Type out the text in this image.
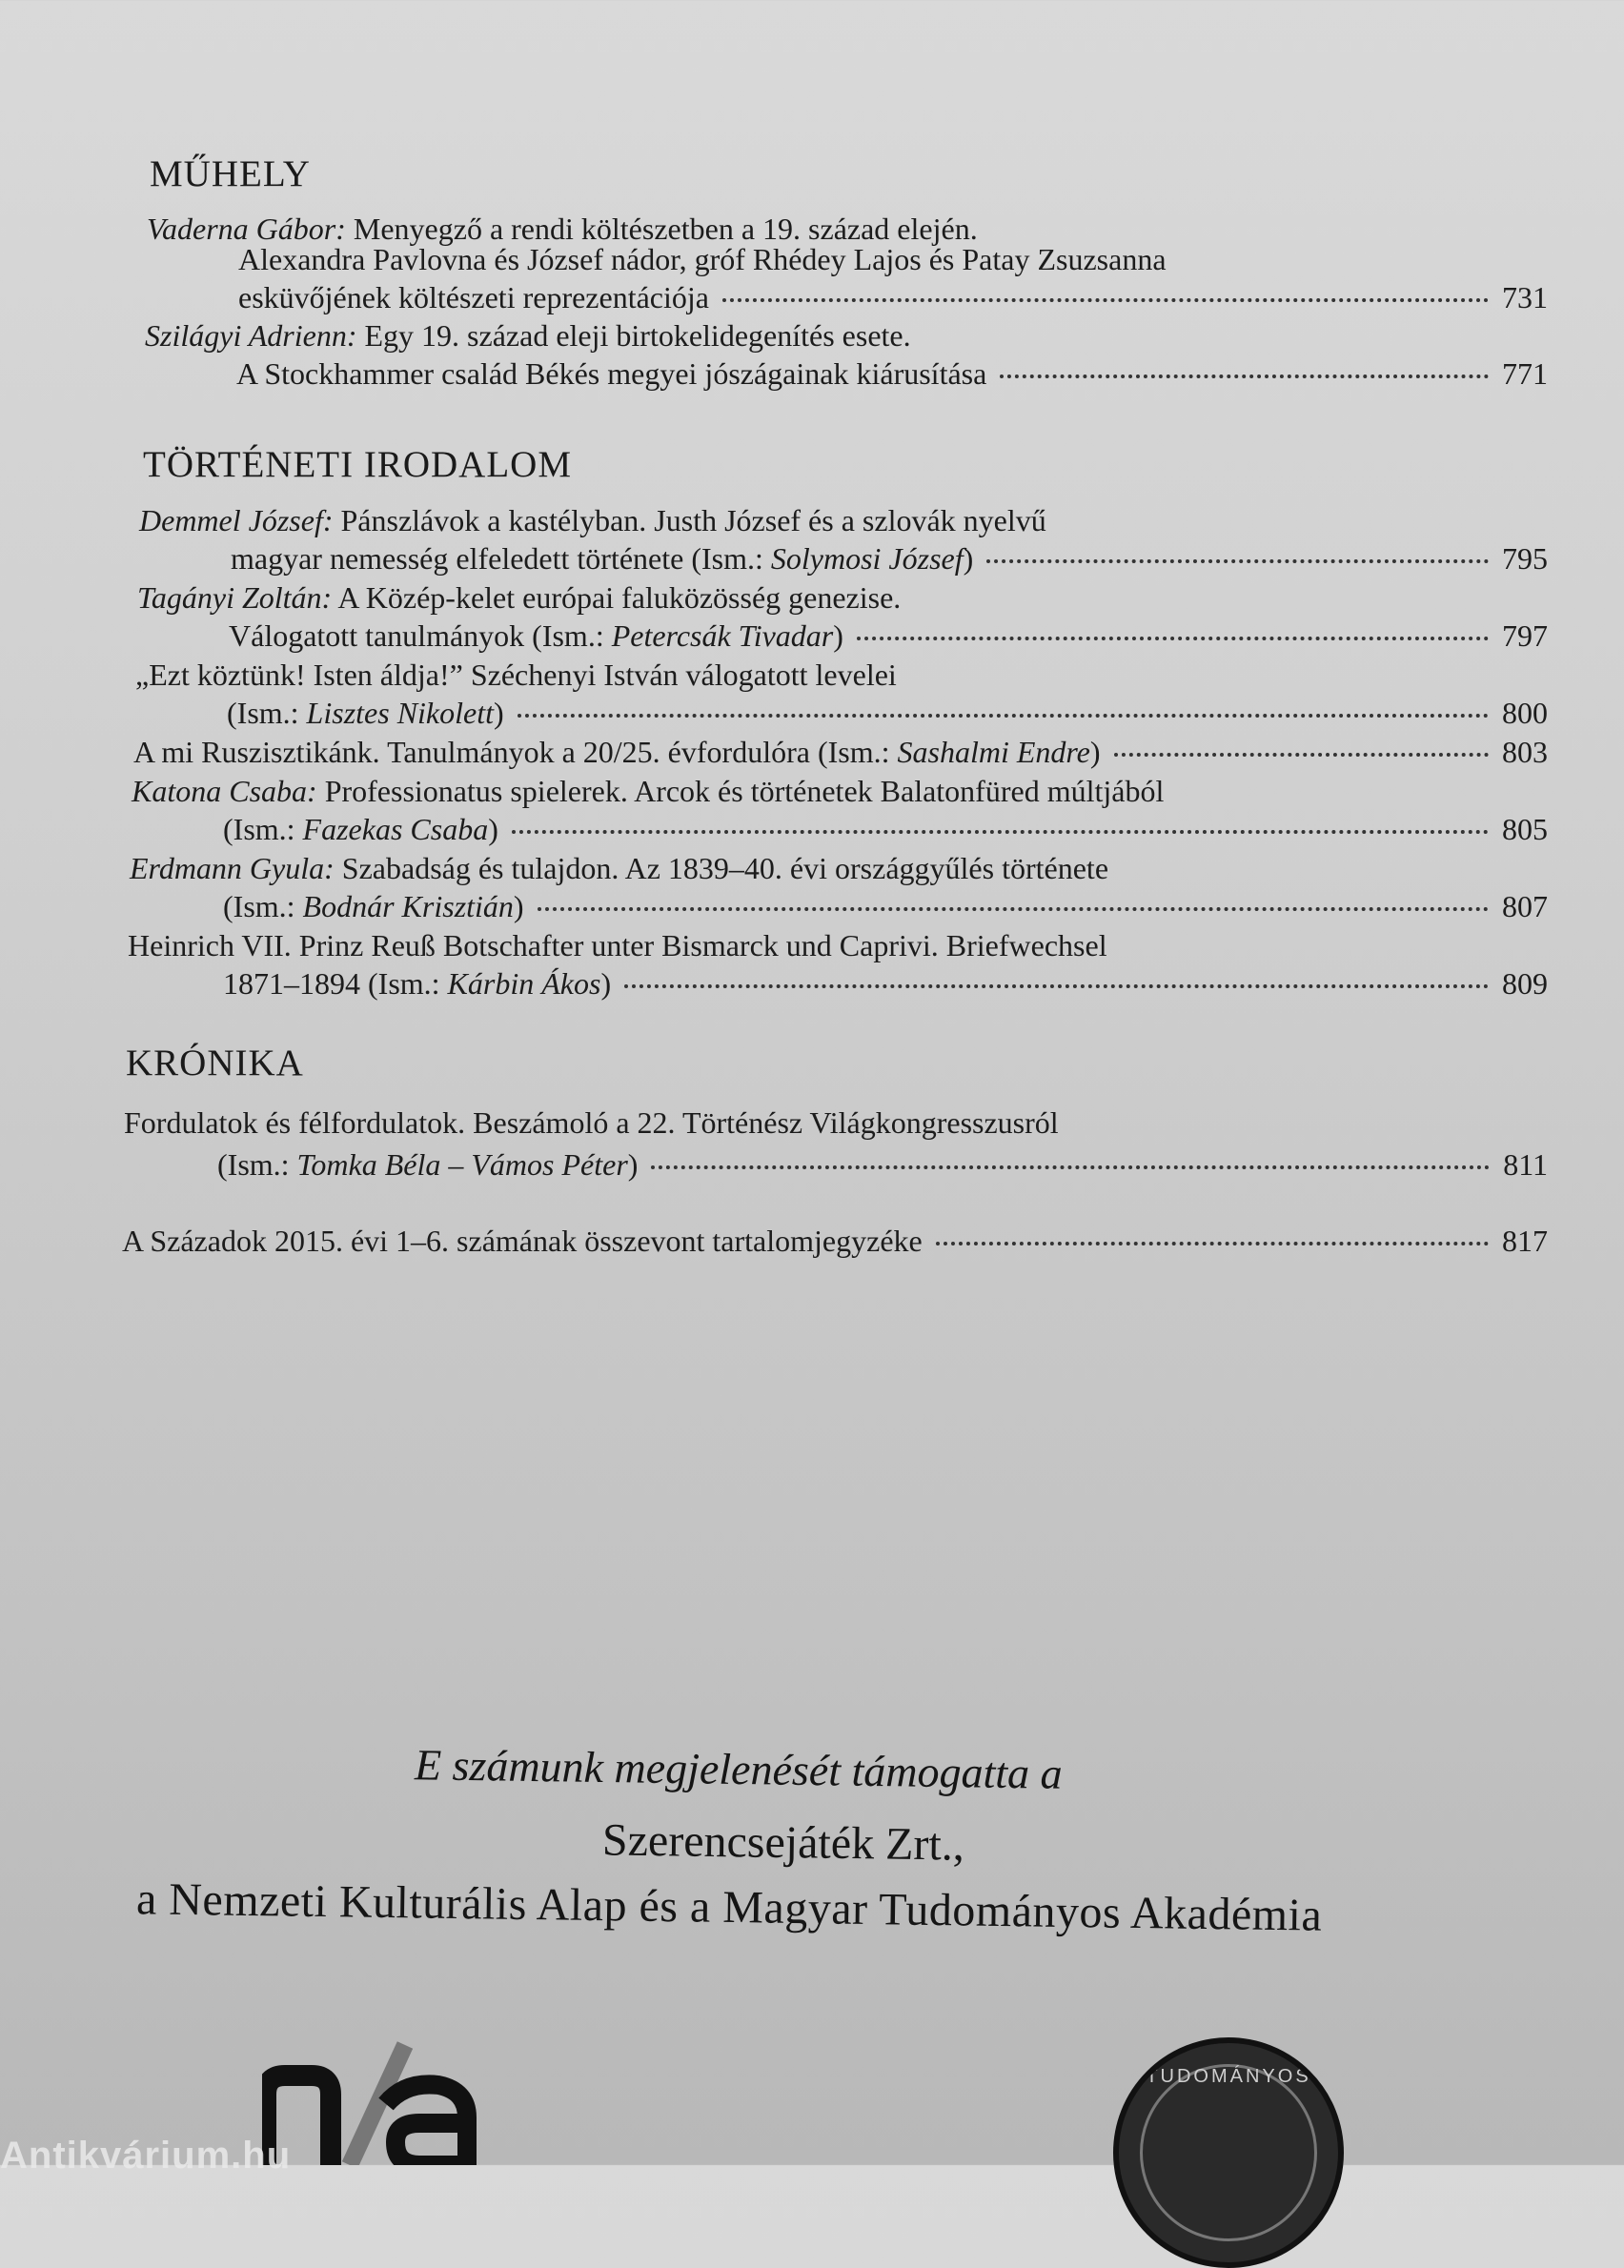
MŰHELY
Vaderna Gábor: Menyegző a rendi költészetben a 19. század elején.
Alexandra Pavlovna és József nádor, gróf Rhédey Lajos és Patay Zsuzsanna
esküvőjének költészeti reprezentációja	731
Szilágyi Adrienn: Egy 19. század eleji birtokelidegenítés esete.
A Stockhammer család Békés megyei jószágainak kiárusítása	771
TÖRTÉNETI IRODALOM
Demmel József: Pánszlávok a kastélyban. Justh József és a szlovák nyelvű
magyar nemesség elfeledett története (Ism.: Solymosi József)	795
Tagányi Zoltán: A Közép-kelet európai faluközösség genezise.
Válogatott tanulmányok (Ism.: Petercsák Tivadar)	797
„Ezt köztünk! Isten áldja!” Széchenyi István válogatott levelei
(Ism.: Lisztes Nikolett)	800
A mi Ruszisztikánk. Tanulmányok a 20/25. évfordulóra (Ism.: Sashalmi Endre)	803
Katona Csaba: Professionatus spielerek. Arcok és történetek Balatonfüred múltjából
(Ism.: Fazekas Csaba)	805
Erdmann Gyula: Szabadság és tulajdon. Az 1839–40. évi országgyűlés története
(Ism.: Bodnár Krisztián)	807
Heinrich VII. Prinz Reuß Botschafter unter Bismarck und Caprivi. Briefwechsel
1871–1894 (Ism.: Kárbin Ákos)	809
KRÓNIKA
Fordulatok és félfordulatok. Beszámoló a 22. Történész Világkongresszusról
(Ism.: Tomka Béla – Vámos Péter)	811
A Századok 2015. évi 1–6. számának összevont tartalomjegyzéke	817
E számunk megjelenését támogatta a
Szerencsejáték Zrt.,
a Nemzeti Kulturális Alap és a Magyar Tudományos Akadémia
TUDOMÁNYOS
Antikvárium.hu
